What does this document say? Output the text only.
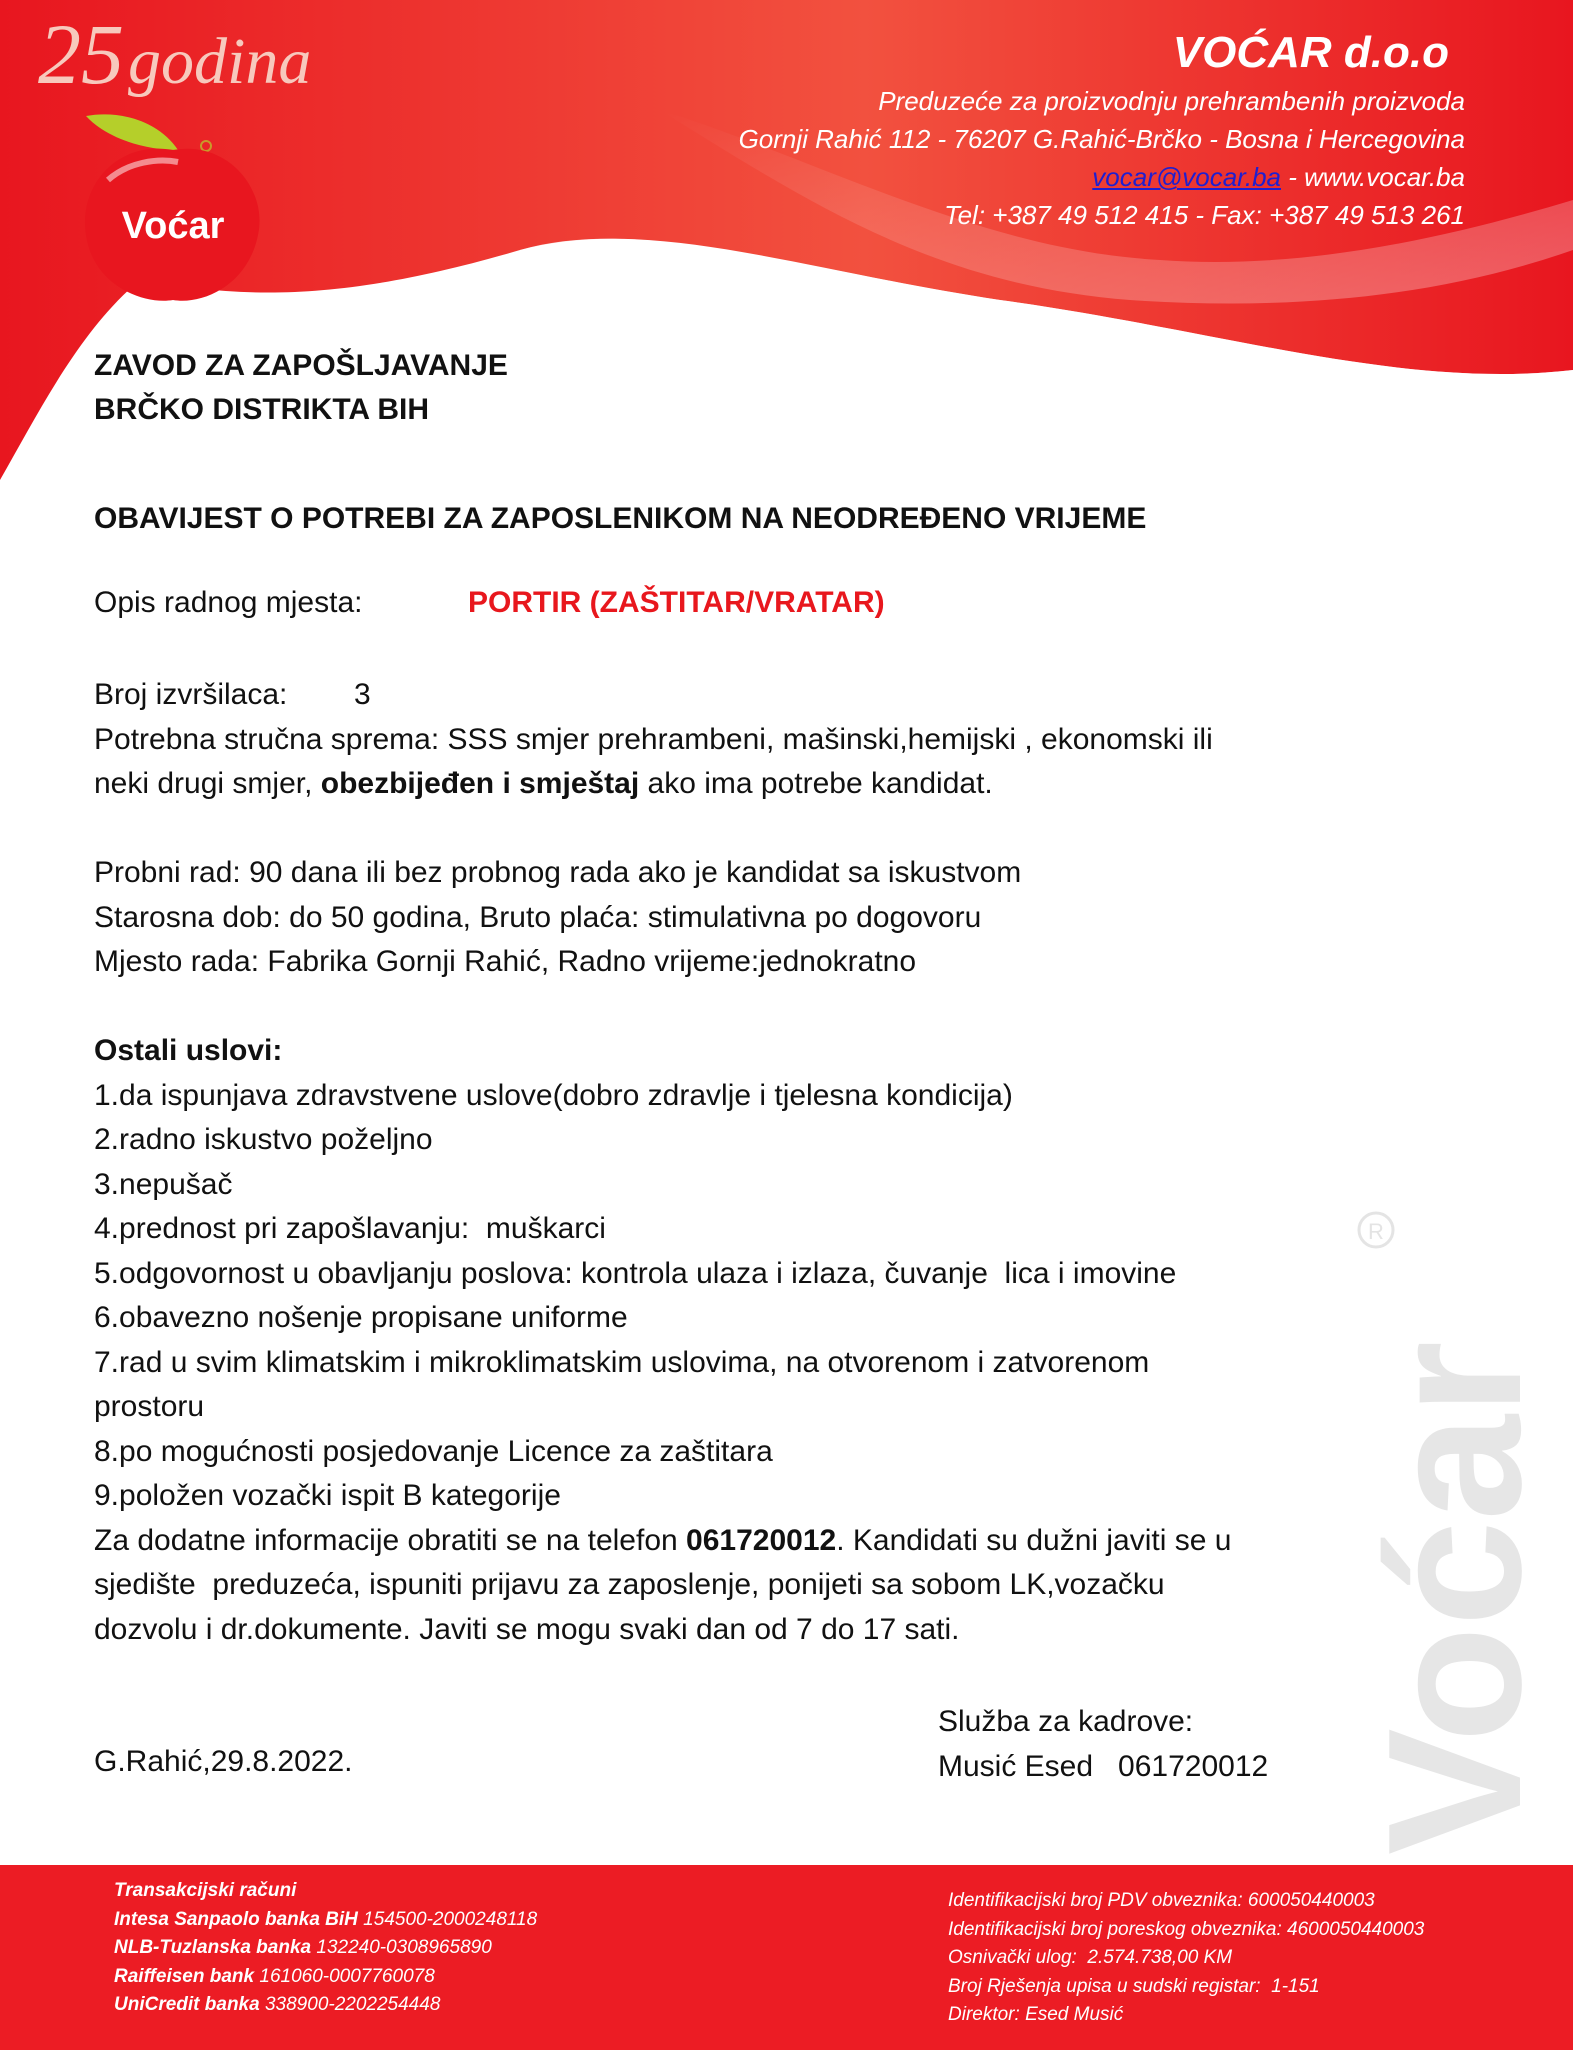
25godina
Voćar
VOĆAR d.o.o
Preduzeće za proizvodnju prehrambenih proizvoda
Gornji Rahić 112 - 76207 G.Rahić-Brčko - Bosna i Hercegovina
vocar@vocar.ba - www.vocar.ba
Tel: +387 49 512 415 - Fax: +387 49 513 261
ZAVOD ZA ZAPOŠLJAVANJE
BRČKO DISTRIKTA BIH
OBAVIJEST O POTREBI ZA ZAPOSLENIKOM NA NEODREĐENO VRIJEME
Opis radnog mjesta:	PORTIR (ZAŠTITAR/VRATAR)

Broj izvršilaca:        3

Potrebna stručna sprema: SSS smjer prehrambeni, mašinski,hemijski , ekonomski ili

neki drugi smjer, obezbijeđen i smještaj ako ima potrebe kandidat.

Probni rad: 90 dana ili bez probnog rada ako je kandidat sa iskustvom

Starosna dob: do 50 godina, Bruto plaća: stimulativna po dogovoru

Mjesto rada: Fabrika Gornji Rahić, Radno vrijeme:jednokratno

Ostali uslovi:

1.da ispunjava zdravstvene uslove(dobro zdravlje i tjelesna kondicija)

2.radno iskustvo poželjno

3.nepušač

4.prednost pri zapošlavanju:  muškarci

5.odgovornost u obavljanju poslova: kontrola ulaza i izlaza, čuvanje  lica i imovine

6.obavezno nošenje propisane uniforme

7.rad u svim klimatskim i mikroklimatskim uslovima, na otvorenom i zatvorenom

prostoru

8.po mogućnosti posjedovanje Licence za zaštitara

9.položen vozački ispit B kategorije

Za dodatne informacije obratiti se na telefon 061720012. Kandidati su dužni javiti se u

sjedište  preduzeća, ispuniti prijavu za zaposlenje, ponijeti sa sobom LK,vozačku

dozvolu i dr.dokumente. Javiti se mogu svaki dan od 7 do 17 sati.

Služba za kadrove:
Musić Esed   061720012
G.Rahić,29.8.2022.
R
Voćar
Transakcijski računi
Intesa Sanpaolo banka BiH 154500-2000248118
NLB-Tuzlanska banka 132240-0308965890
Raiffeisen bank 161060-0007760078
UniCredit banka 338900-2202254448
Identifikacijski broj PDV obveznika: 600050440003
Identifikacijski broj poreskog obveznika: 4600050440003
Osnivački ulog:  2.574.738,00 KM
Broj Rješenja upisa u sudski registar:  1-151
Direktor: Esed Musić
